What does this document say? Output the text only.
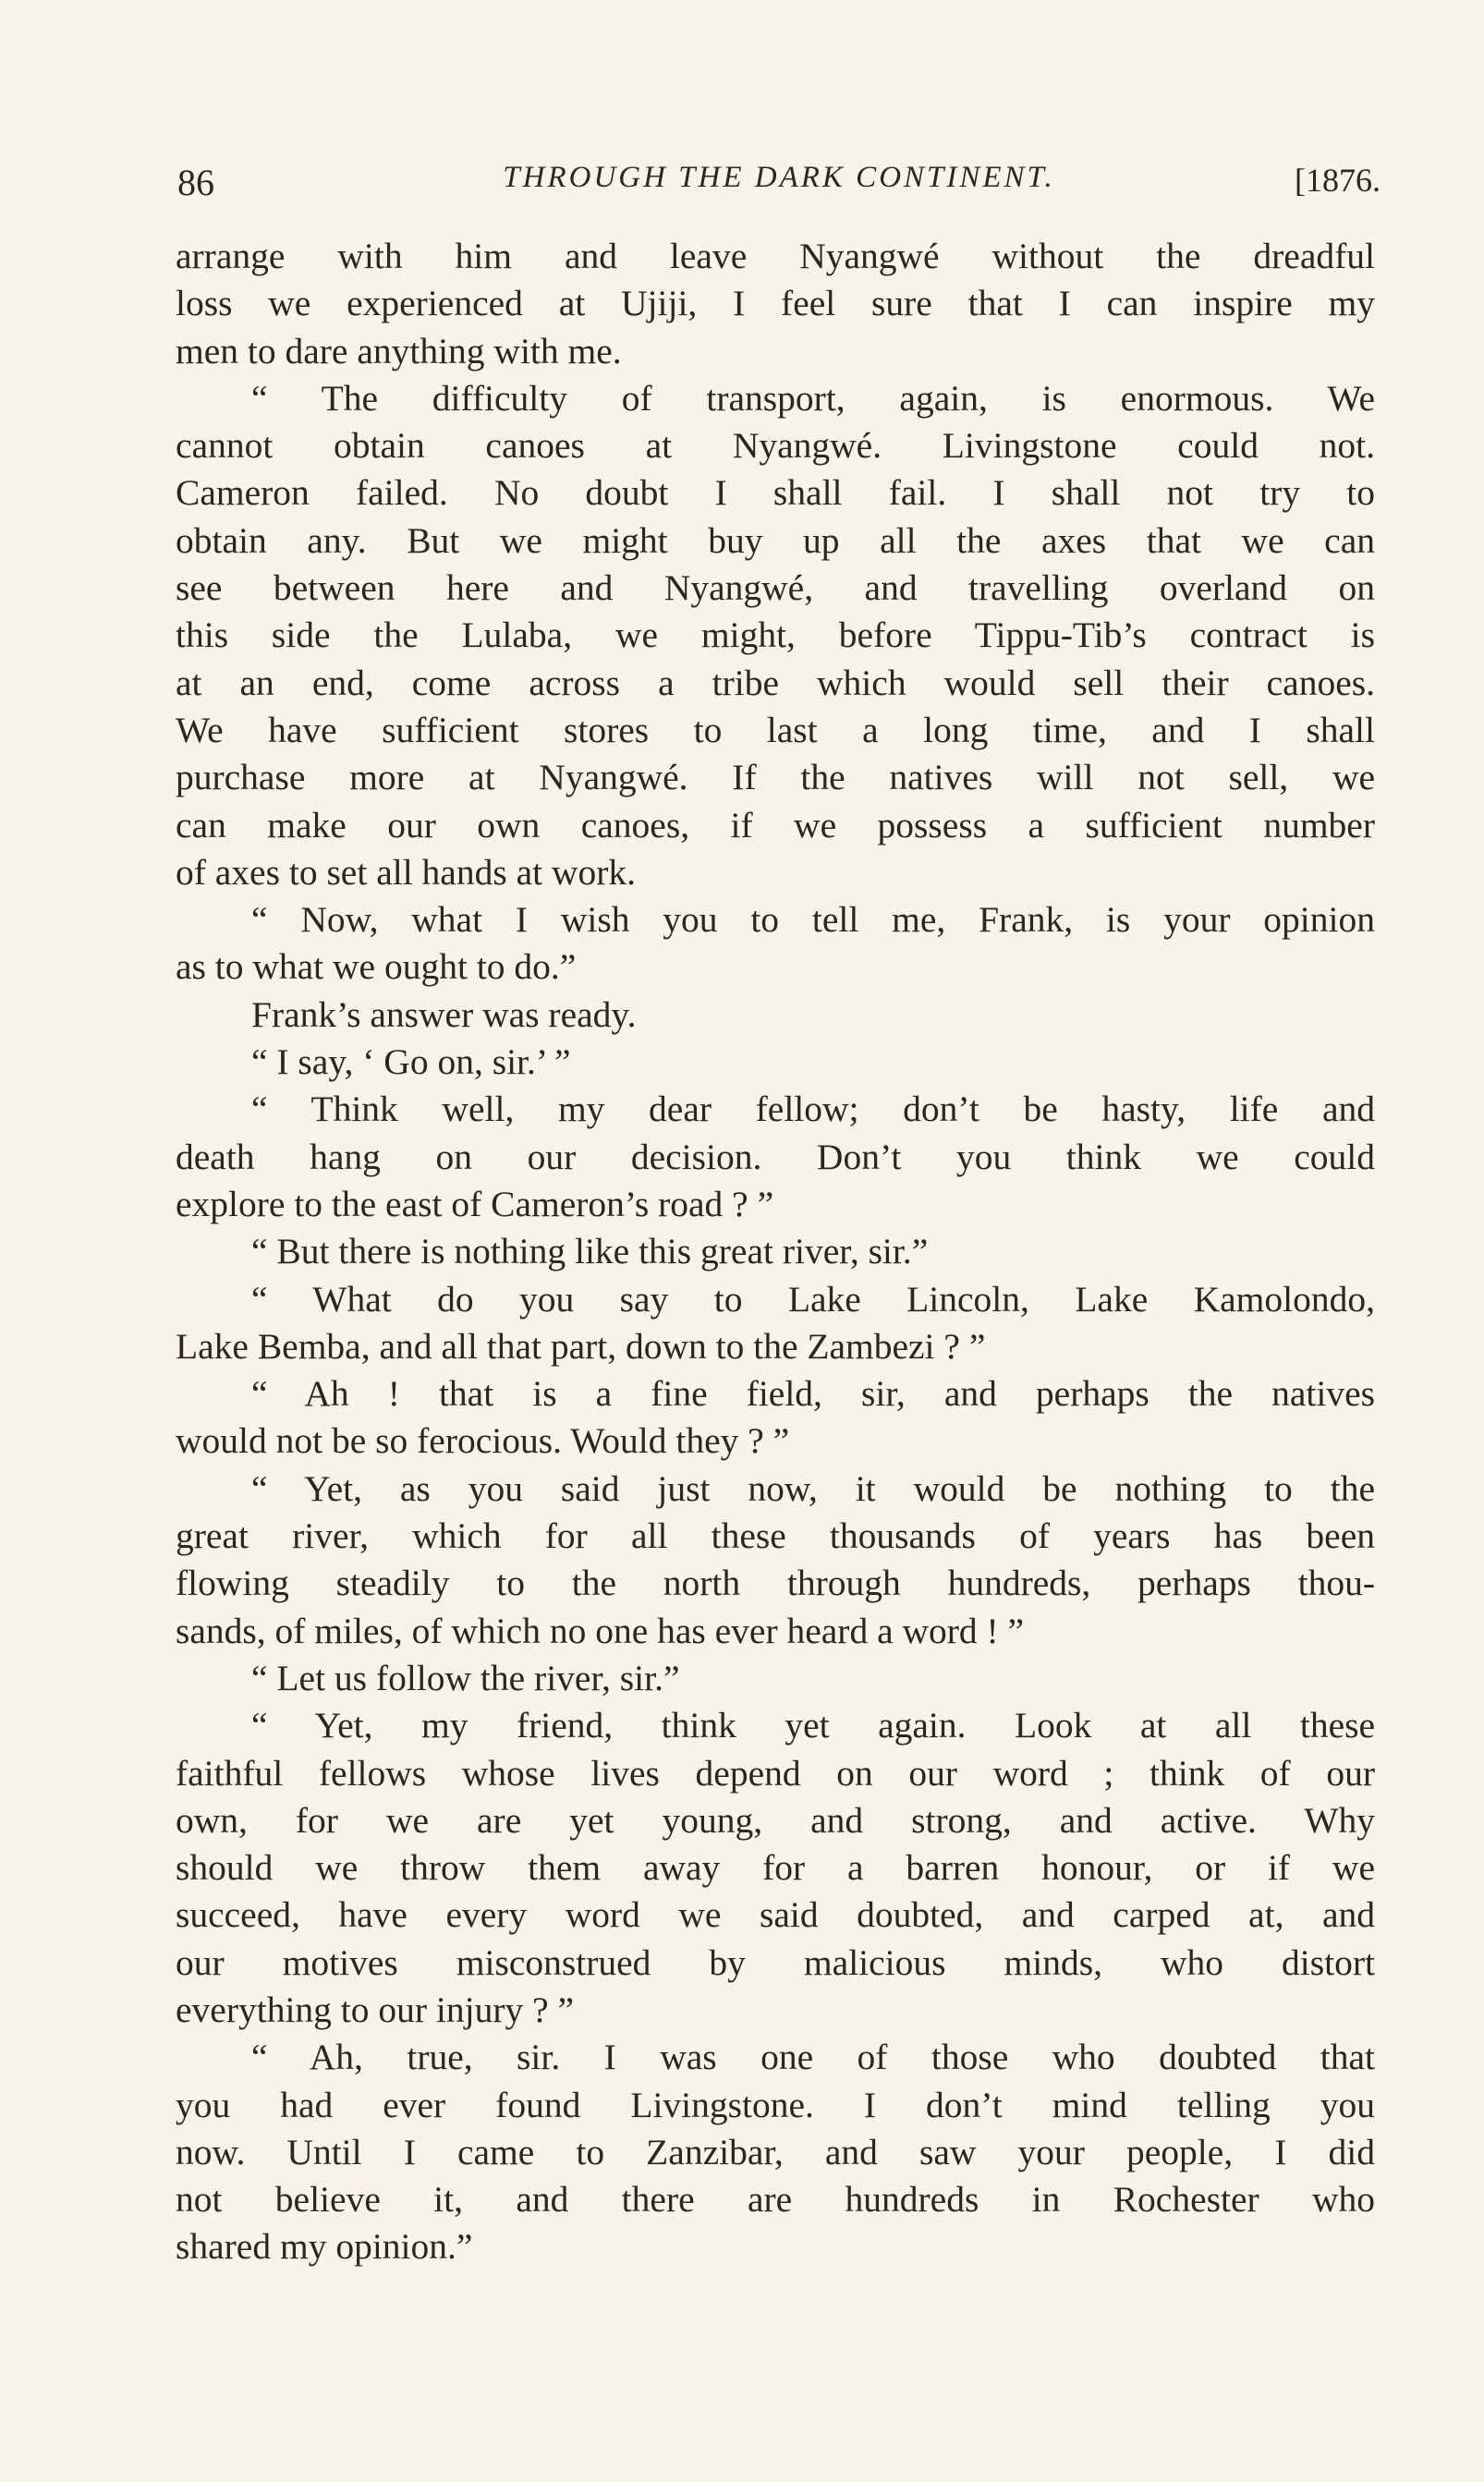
86	THROUGH THE DARK CONTINENT.	[1876.
arrange with him and leave Nyangwé without the dreadful
loss we experienced at Ujiji, I feel sure that I can inspire my
men to dare anything with me.
“ The difficulty of transport, again, is enormous. We
cannot obtain canoes at Nyangwé. Livingstone could not.
Cameron failed. No doubt I shall fail. I shall not try to
obtain any. But we might buy up all the axes that we can
see between here and Nyangwé, and travelling overland on
this side the Lulaba, we might, before Tippu-Tib’s contract is
at an end, come across a tribe which would sell their canoes.
We have sufficient stores to last a long time, and I shall
purchase more at Nyangwé. If the natives will not sell, we
can make our own canoes, if we possess a sufficient number
of axes to set all hands at work.
“ Now, what I wish you to tell me, Frank, is your opinion
as to what we ought to do.”
Frank’s answer was ready.
“ I say, ‘ Go on, sir.’ ”
“ Think well, my dear fellow; don’t be hasty, life and
death hang on our decision. Don’t you think we could
explore to the east of Cameron’s road ? ”
“ But there is nothing like this great river, sir.”
“ What do you say to Lake Lincoln, Lake Kamolondo,
Lake Bemba, and all that part, down to the Zambezi ? ”
“ Ah ! that is a fine field, sir, and perhaps the natives
would not be so ferocious. Would they ? ”
“ Yet, as you said just now, it would be nothing to the
great river, which for all these thousands of years has been
flowing steadily to the north through hundreds, perhaps thou-
sands, of miles, of which no one has ever heard a word ! ”
“ Let us follow the river, sir.”
“ Yet, my friend, think yet again. Look at all these
faithful fellows whose lives depend on our word ; think of our
own, for we are yet young, and strong, and active. Why
should we throw them away for a barren honour, or if we
succeed, have every word we said doubted, and carped at, and
our motives misconstrued by malicious minds, who distort
everything to our injury ? ”
“ Ah, true, sir. I was one of those who doubted that
you had ever found Livingstone. I don’t mind telling you
now. Until I came to Zanzibar, and saw your people, I did
not believe it, and there are hundreds in Rochester who
shared my opinion.”
